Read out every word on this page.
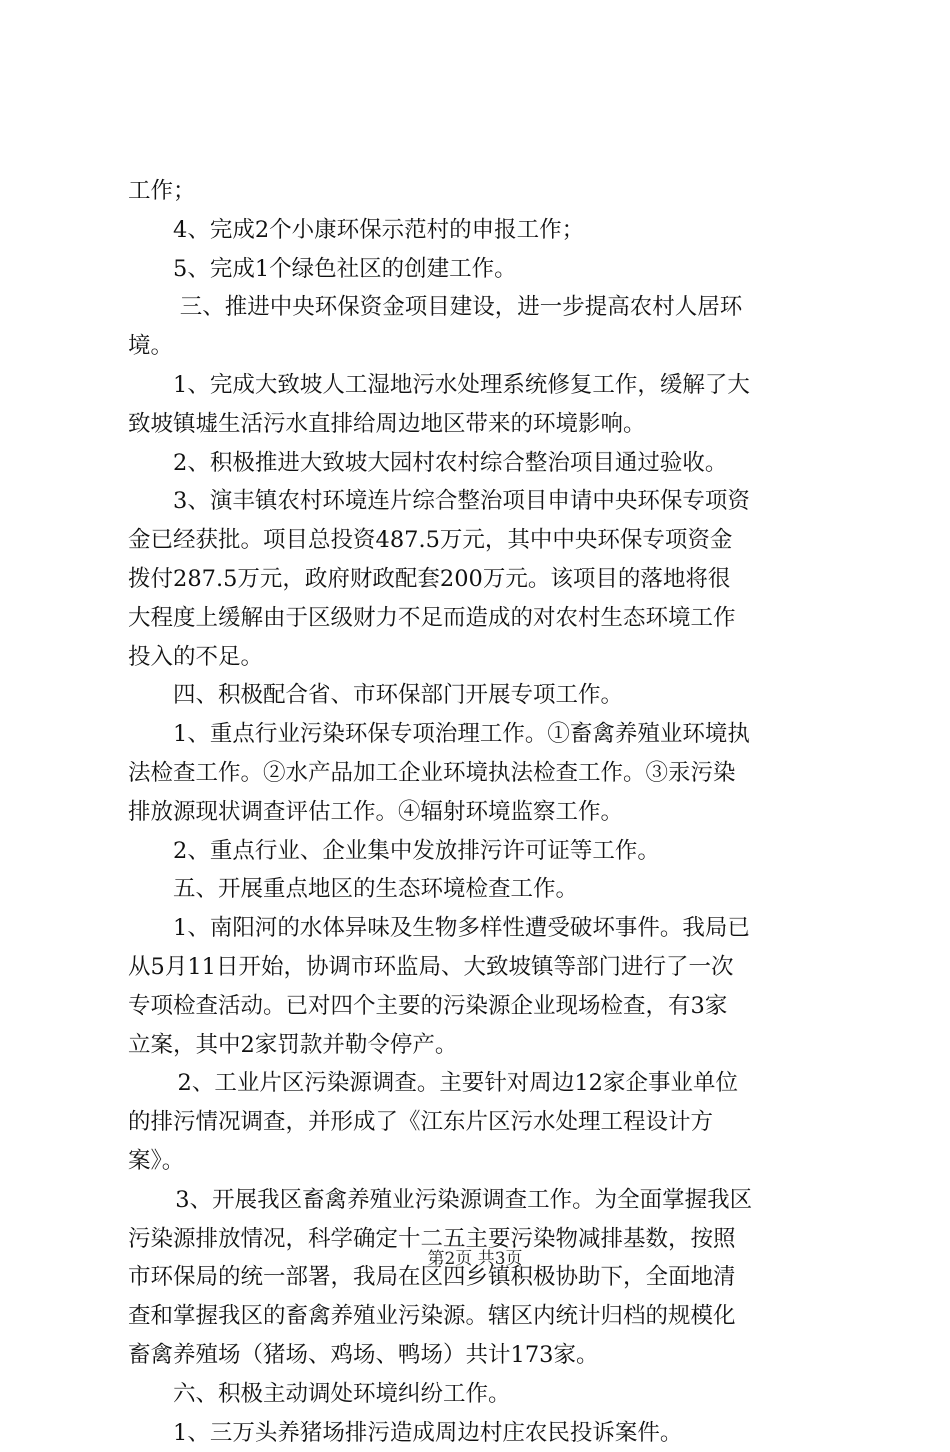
工作；
4、完成2个小康环保示范村的申报工作；
5、完成1个绿色社区的创建工作。
三、推进中央环保资金项目建设，进一步提高农村人居环
境。
1、完成大致坡人工湿地污水处理系统修复工作，缓解了大
致坡镇墟生活污水直排给周边地区带来的环境影响。
2、积极推进大致坡大园村农村综合整治项目通过验收。
3、演丰镇农村环境连片综合整治项目申请中央环保专项资
金已经获批。项目总投资487.5万元，其中中央环保专项资金
拨付287.5万元，政府财政配套200万元。该项目的落地将很
大程度上缓解由于区级财力不足而造成的对农村生态环境工作
投入的不足。
四、积极配合省、市环保部门开展专项工作。
1、重点行业污染环保专项治理工作。①畜禽养殖业环境执
法检查工作。②水产品加工企业环境执法检查工作。③汞污染
排放源现状调查评估工作。④辐射环境监察工作。
2、重点行业、企业集中发放排污许可证等工作。
五、开展重点地区的生态环境检查工作。
1、南阳河的水体异味及生物多样性遭受破坏事件。我局已
从5月11日开始，协调市环监局、大致坡镇等部门进行了一次
专项检查活动。已对四个主要的污染源企业现场检查，有3家
立案，其中2家罚款并勒令停产。
2、工业片区污染源调查。主要针对周边12家企事业单位
的排污情况调查，并形成了《江东片区污水处理工程设计方
案》。
3、开展我区畜禽养殖业污染源调查工作。为全面掌握我区
污染源排放情况，科学确定十二五主要污染物减排基数，按照
市环保局的统一部署，我局在区四乡镇积极协助下，全面地清
查和掌握我区的畜禽养殖业污染源。辖区内统计归档的规模化
畜禽养殖场（猪场、鸡场、鸭场）共计173家。
六、积极主动调处环境纠纷工作。
1、三万头养猪场排污造成周边村庄农民投诉案件。
第2页 共3页
